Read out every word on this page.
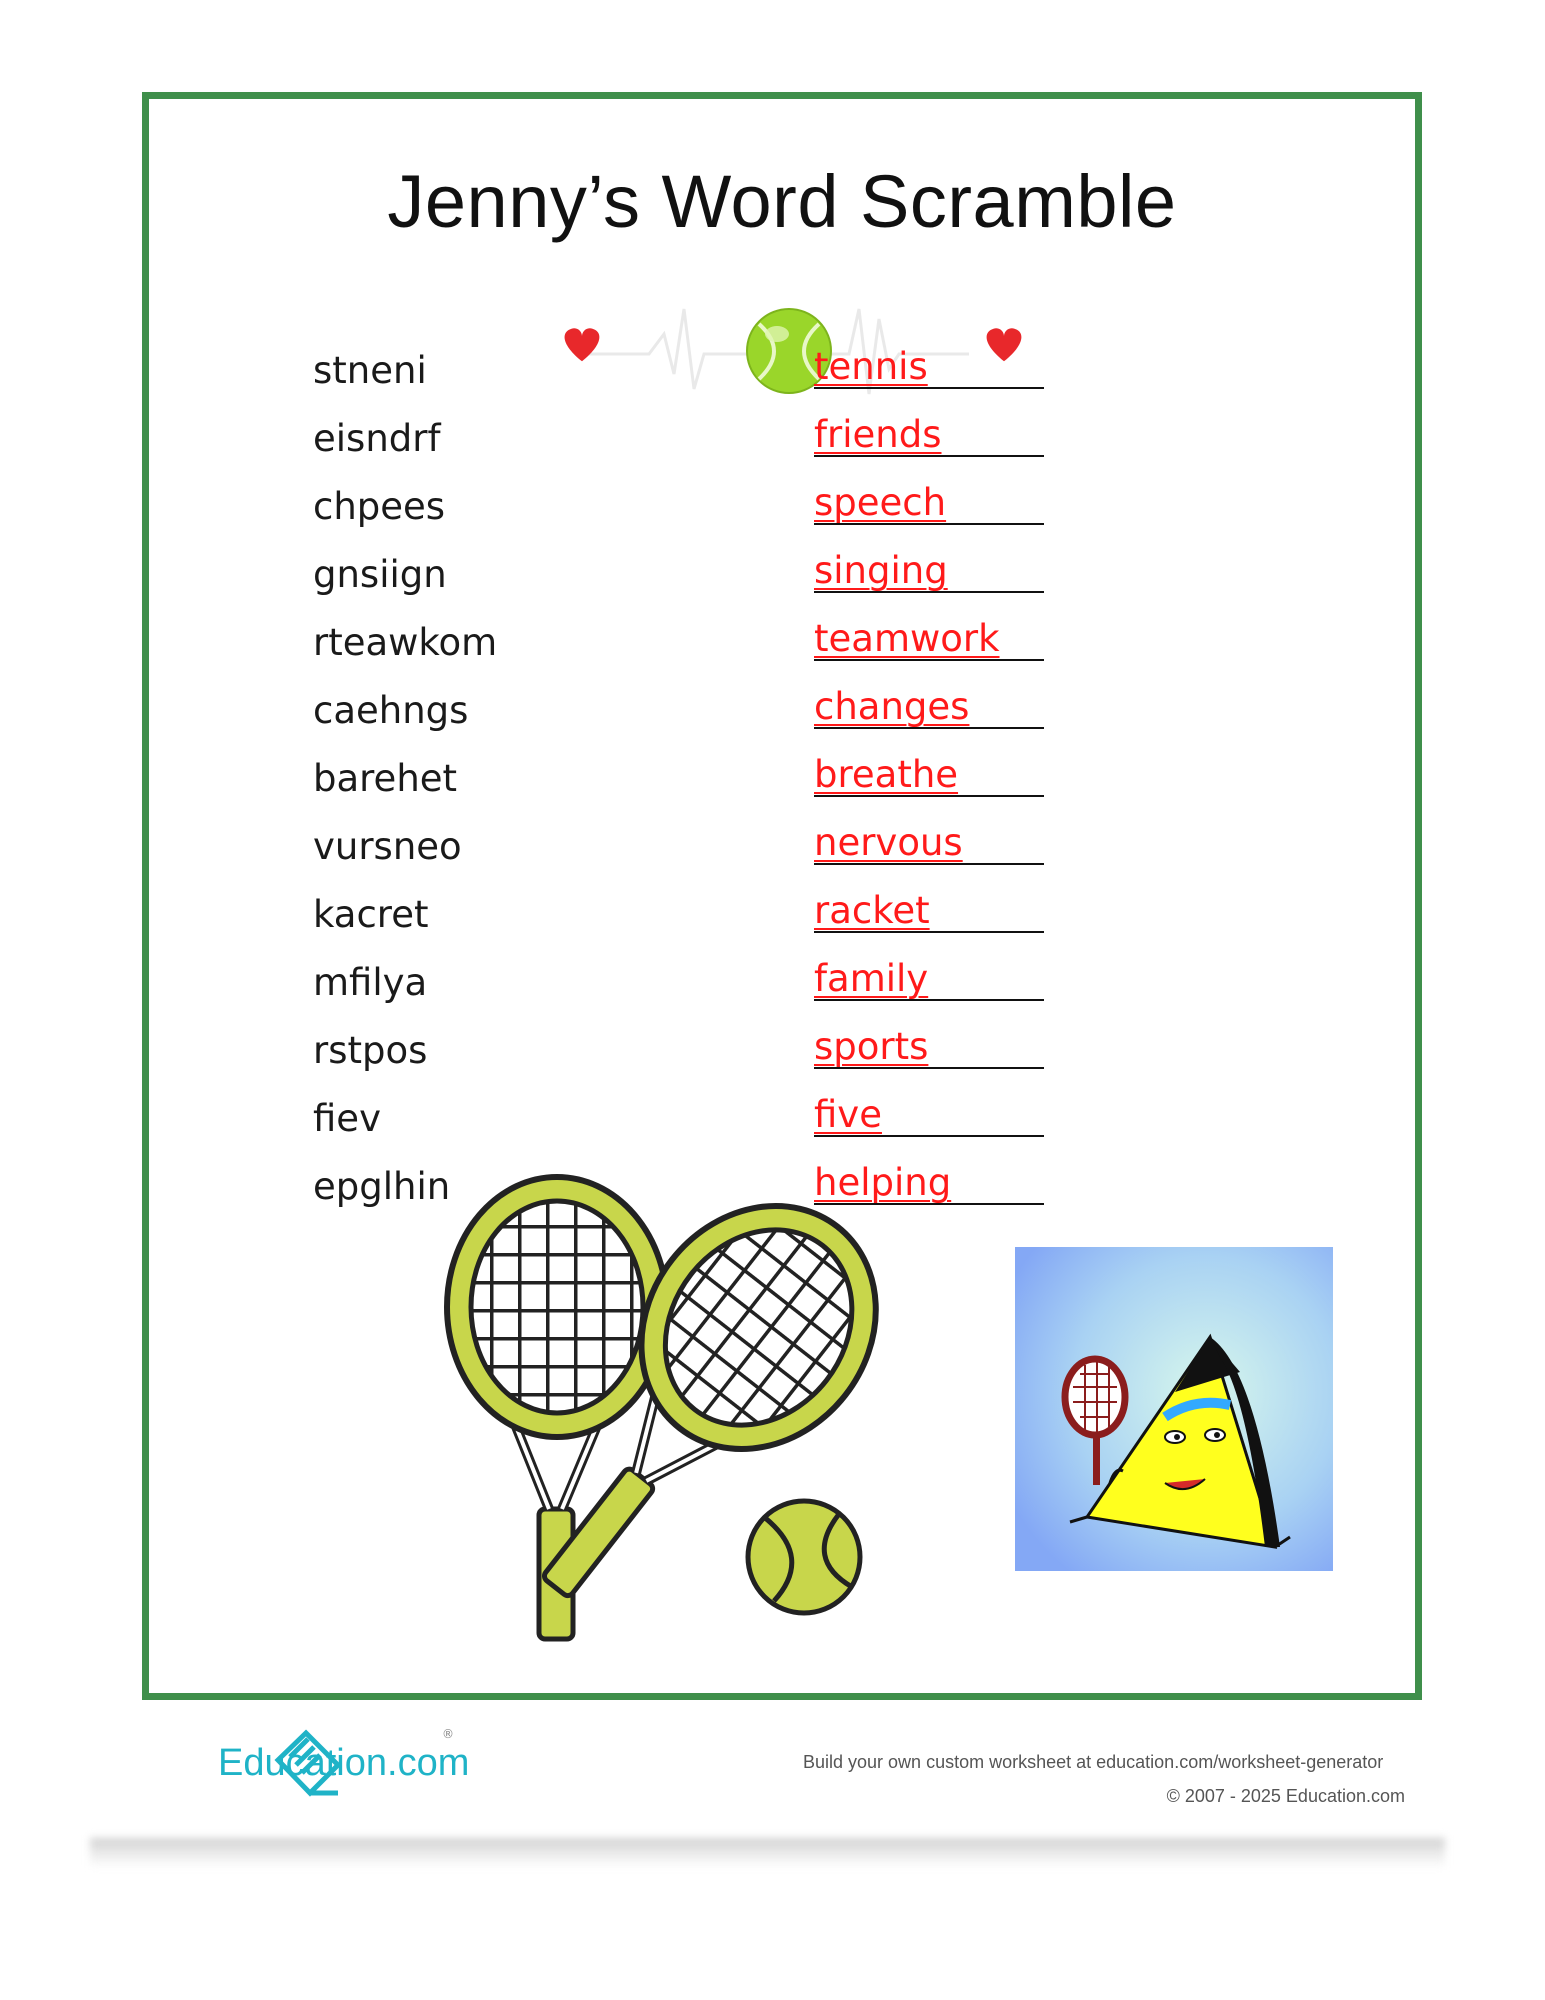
Jenny’s Word Scramble
stneni	tennis
eisndrf	friends
chpees	speech
gnsiign	singing
rteawkom	teamwork
caehngs	changes
barehet	breathe
vursneo	nervous
kacret	racket
mfilya	family
rstpos	sports
fiev	five
epglhin	helping
®
Education.com	Build your own custom worksheet at education.com/worksheet-generator
© 2007 - 2025 Education.com
